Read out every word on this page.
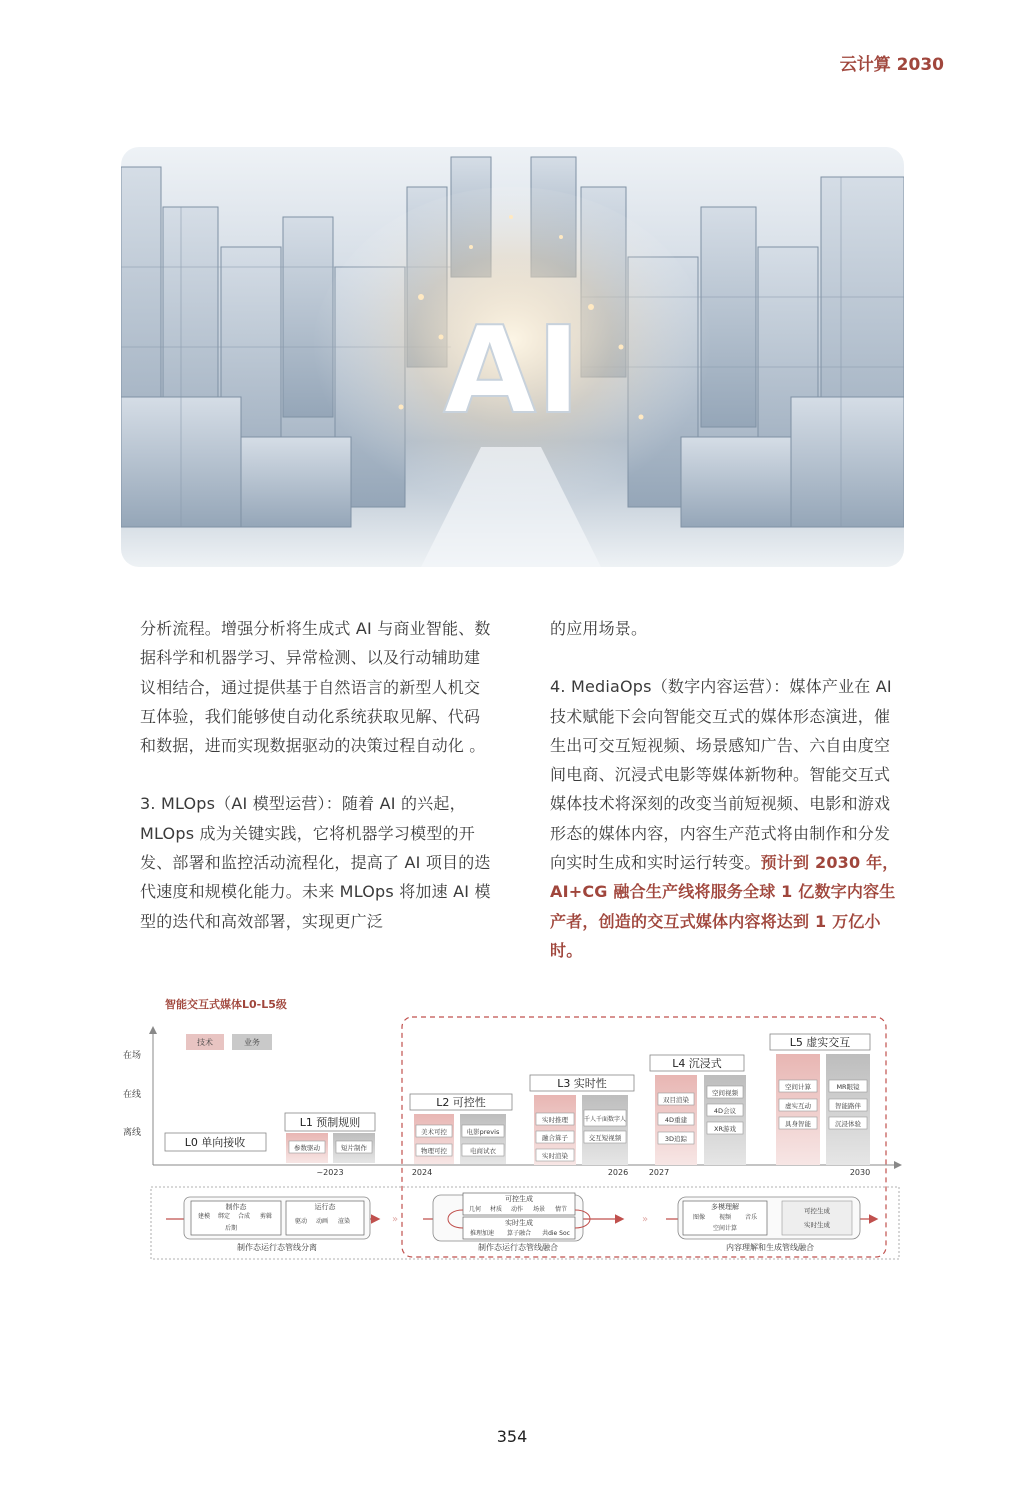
云计算 2030
AI

分析流程。增强分析将生成式 AI 与商业智能、数据科学和机器学习、异常检测、以及行动辅助建议相结合，通过提供基于自然语言的新型人机交互体验，我们能够使自动化系统获取见解、代码和数据，进而实现数据驱动的决策过程自动化 。

3. MLOps（AI 模型运营）：随着 AI 的兴起，MLOps 成为关键实践，它将机器学习模型的开发、部署和监控活动流程化，提高了 AI 项目的迭代速度和规模化能力。未来 MLOps 将加速 AI 模型的迭代和高效部署，实现更广泛

的应用场景。

4. MediaOps（数字内容运营）：媒体产业在 AI 技术赋能下会向智能交互式的媒体形态演进，催生出可交互短视频、场景感知广告、六自由度空间电商、沉浸式电影等媒体新物种。智能交互式媒体技术将深刻的改变当前短视频、电影和游戏形态的媒体内容，内容生产范式将由制作和分发向实时生成和实时运行转变。预计到 2030 年，AI+CG 融合生产线将服务全球 1 亿数字内容生产者，创造的交互式媒体内容将达到 1 万亿小时。

智能交互式媒体L0-L5级
技术	业务
在场
在线
离线
L0 单向接收
L1 预制规则
参数驱动	短片制作
L2 可控性
美术可控
物理可控
电影previs
电商试衣
L3 实时性
实时推理
融合算子
实时渲染
千人千面数字人
交互短视频
L4 沉浸式
双目渲染
4D重建
3D追踪
空间视频
4D会议
XR游戏
L5 虚实交互
空间计算
虚实互动
具身智能
MR眼镜
智能路伴
沉浸体验
~2023	2024	2026	2027	2030
制作态
建模 绑定 合成 剪辑
后期
运行态
驱动 动画 渲染
制作态运行态管线分离
»
可控生成
几何 材质 动作 场景 情节
实时生成
推理加速 算子融合 共die Soc
制作态运行态管线融合
»
多模理解
图像 视频 音乐
空间计算
可控生成
实时生成
内容理解和生成管线融合
354
